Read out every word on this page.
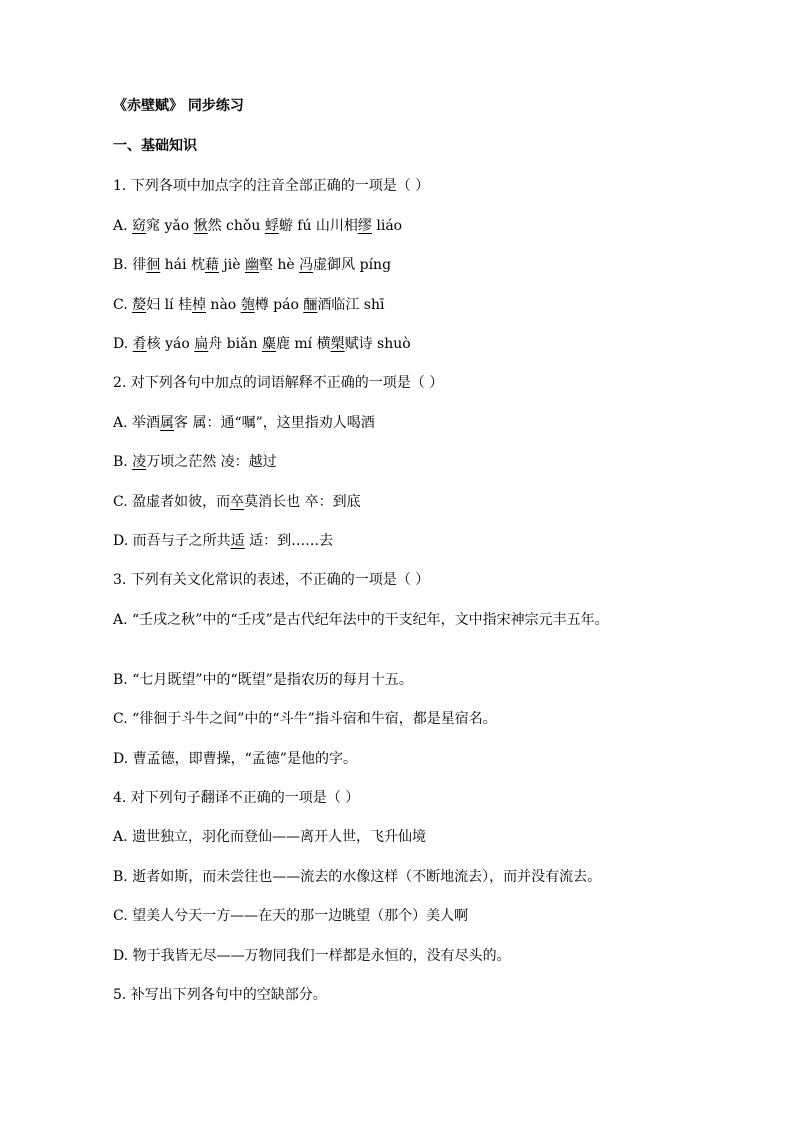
《赤壁赋》 同步练习
一、基础知识
1. 下列各项中加点字的注音全部正确的一项是（ ）
A. 窈窕 yǎo 愀然 chǒu 蜉蝣 fú 山川相缪 liáo
B. 徘徊 hái 枕藉 jiè 幽壑 hè 冯虚御风 píng
C. 嫠妇 lí 桂棹 nào 匏樽 páo 酾酒临江 shī
D. 肴核 yáo 扁舟 biǎn 麋鹿 mí 横槊赋诗 shuò
2. 对下列各句中加点的词语解释不正确的一项是（ ）
A. 举酒属客 属：通“嘱”，这里指劝人喝酒
B. 凌万顷之茫然 凌：越过
C. 盈虚者如彼，而卒莫消长也 卒：到底
D. 而吾与子之所共适 适：到……去
3. 下列有关文化常识的表述，不正确的一项是（ ）
A. “壬戌之秋”中的“壬戌”是古代纪年法中的干支纪年，文中指宋神宗元丰五年。
B. “七月既望”中的“既望”是指农历的每月十五。
C. “徘徊于斗牛之间”中的“斗牛”指斗宿和牛宿，都是星宿名。
D. 曹孟德，即曹操，“孟德”是他的字。
4. 对下列句子翻译不正确的一项是（ ）
A. 遗世独立，羽化而登仙——离开人世，飞升仙境
B. 逝者如斯，而未尝往也——流去的水像这样（不断地流去），而并没有流去。
C. 望美人兮天一方——在天的那一边眺望（那个）美人啊
D. 物于我皆无尽——万物同我们一样都是永恒的，没有尽头的。
5. 补写出下列各句中的空缺部分。
